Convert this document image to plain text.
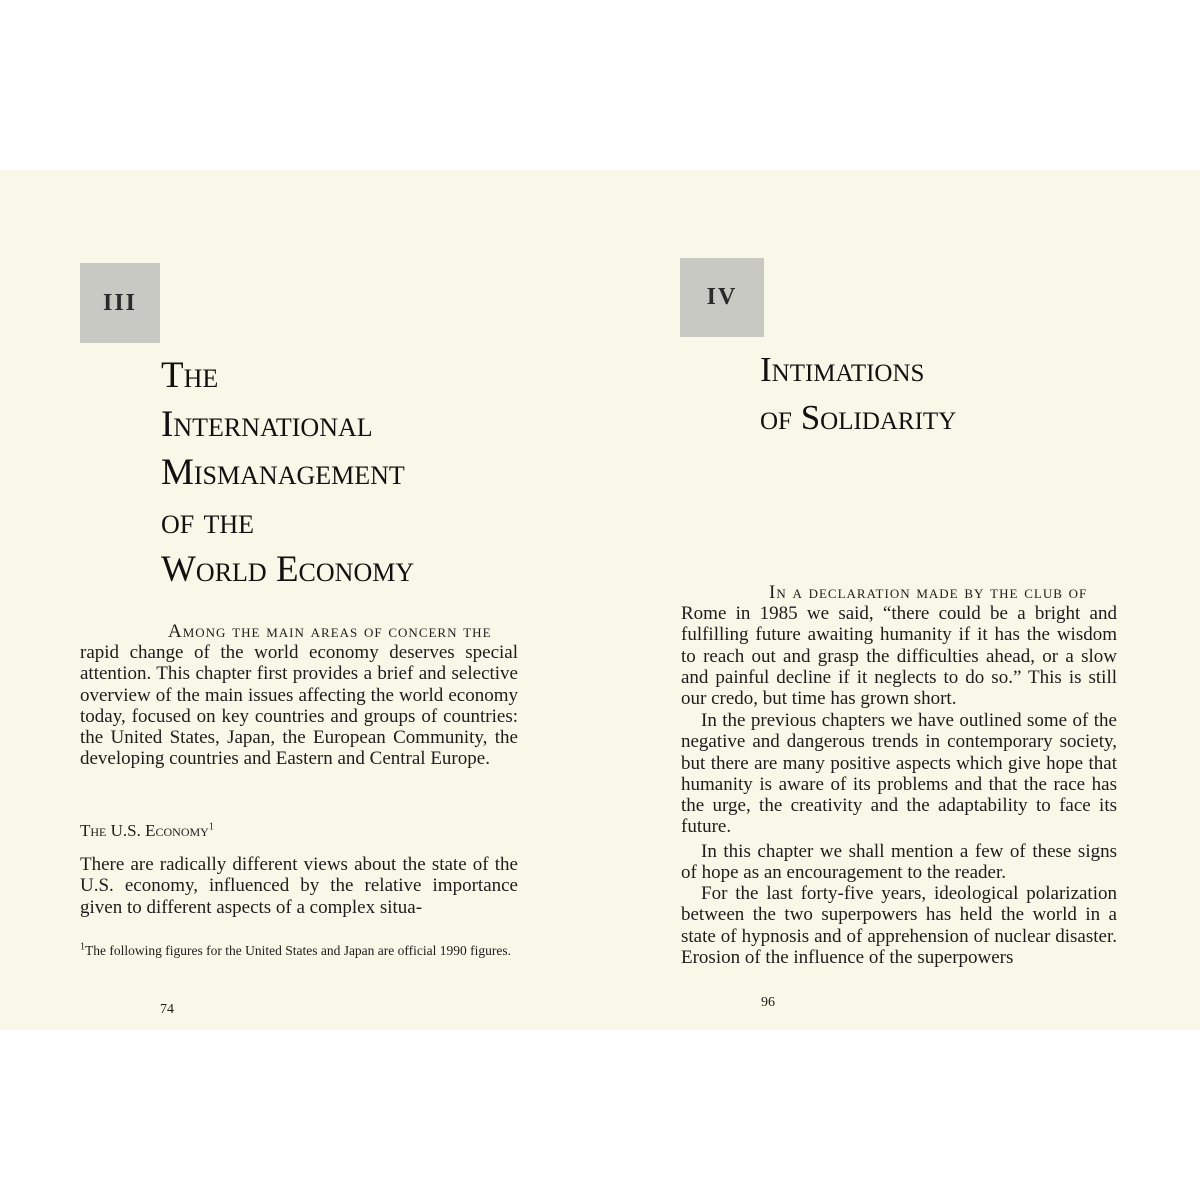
III
The
International
Mismanagement
of the
World Economy

Among the main areas of concern the

rapid change of the world economy deserves special attention. This chapter first provides a brief and selective overview of the main issues affecting the world economy today, focused on key countries and groups of countries: the United States, Japan, the European Community, the developing countries and Eastern and Central Europe.

The U.S. Economy$^1$

There are radically different views about the state of the U.S. economy, influenced by the relative importance given to different aspects of a complex situa-

$^1$The following figures for the United States and Japan are official 1990 figures.

74
IV
Intimations
of Solidarity

In a declaration made by the club of

Rome in 1985 we said, “there could be a bright and fulfilling future awaiting humanity if it has the wisdom to reach out and grasp the difficulties ahead, or a slow and painful decline if it neglects to do so.” This is still our credo, but time has grown short.

In the previous chapters we have outlined some of the negative and dangerous trends in contemporary society, but there are many positive aspects which give hope that humanity is aware of its problems and that the race has the urge, the creativity and the adaptability to face its future.

In this chapter we shall mention a few of these signs of hope as an encouragement to the reader.

For the last forty-five years, ideological polarization between the two superpowers has held the world in a state of hypnosis and of apprehension of nuclear disaster. Erosion of the influence of the superpowers

96
